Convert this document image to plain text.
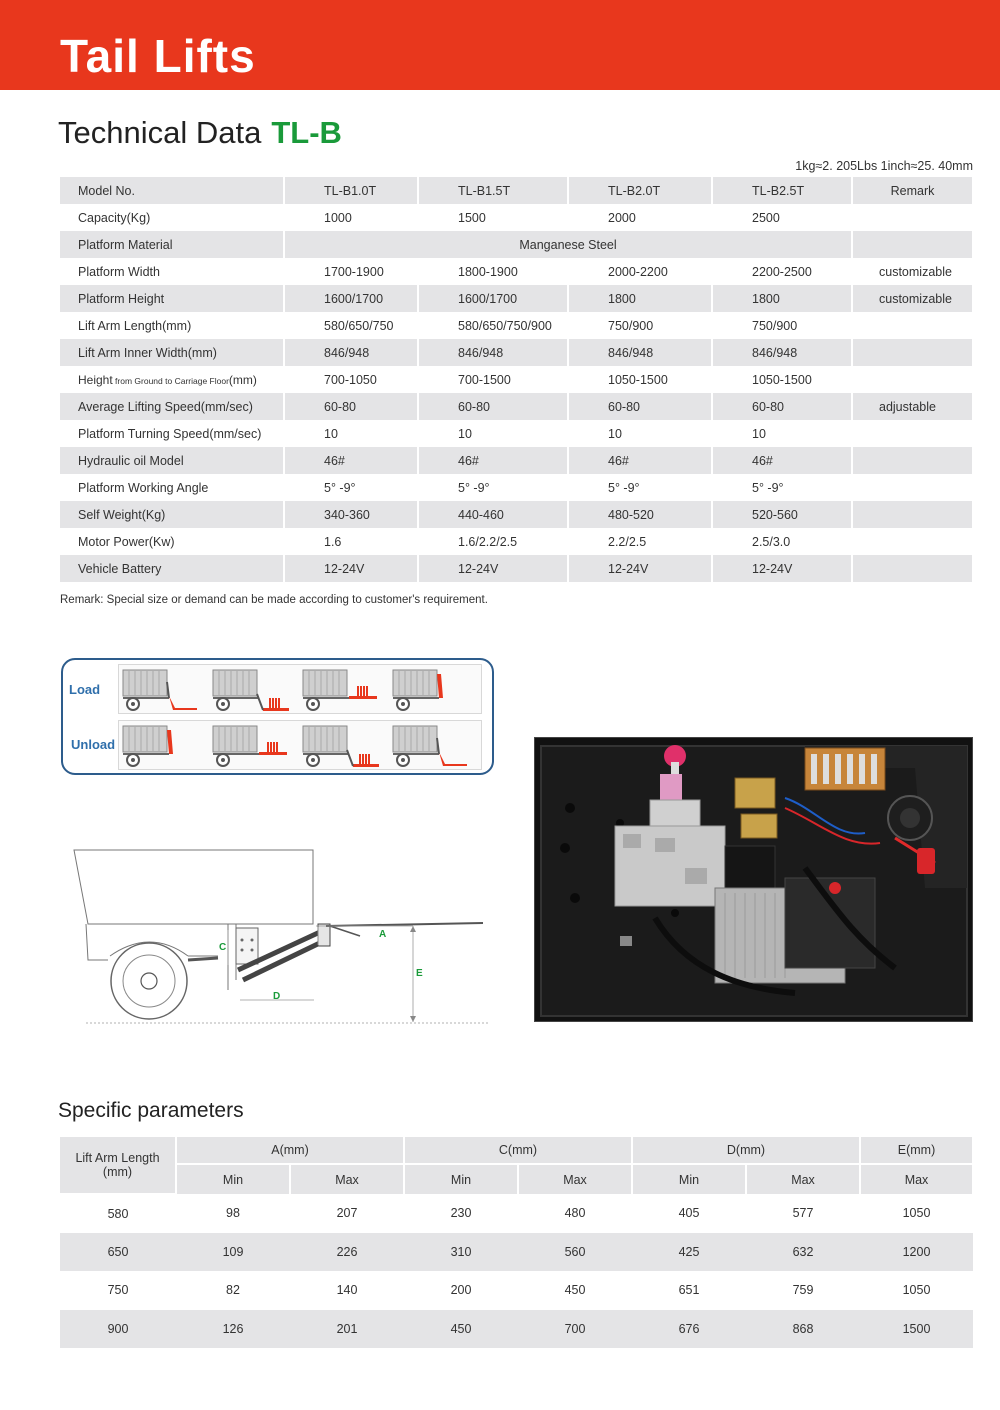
Tail Lifts
Technical Data TL-B
1kg≈2. 205Lbs 1inch≈25. 40mm
Model No.	TL-B1.0T	TL-B1.5T	TL-B2.0T	TL-B2.5T	Remark
Capacity(Kg)	1000	1500	2000	2500	
Platform Material	Manganese Steel				
Platform Width	1700-1900	1800-1900	2000-2200	2200-2500	customizable
Platform Height	1600/1700	1600/1700	1800	1800	customizable
Lift Arm Length(mm)	580/650/750	580/650/750/900	750/900	750/900	
Lift Arm Inner Width(mm)	846/948	846/948	846/948	846/948	
Height from Ground to Carriage Floor(mm)	700-1050	700-1500	1050-1500	1050-1500	
Average Lifting Speed(mm/sec)	60-80	60-80	60-80	60-80	adjustable
Platform Turning Speed(mm/sec)	10	10	10	10	
Hydraulic oil Model	46#	46#	46#	46#	
Platform Working Angle	5° -9°	5° -9°	5° -9°	5° -9°	
Self Weight(Kg)	340-360	440-460	480-520	520-560	
Motor Power(Kw)	1.6	1.6/2.2/2.5	2.2/2.5	2.5/3.0	
Vehicle Battery	12-24V	12-24V	12-24V	12-24V	
Remark: Special size or demand can be made according to customer's requirement.
Load
Unload
A
C
D
E
Specific parameters
Lift Arm Length
(mm)	A(mm)		C(mm)		D(mm)		E(mm)
	Min	Max	Min	Max	Min	Max	Max
580	98	207	230	480	405	577	1050
650	109	226	310	560	425	632	1200
750	82	140	200	450	651	759	1050
900	126	201	450	700	676	868	1500
